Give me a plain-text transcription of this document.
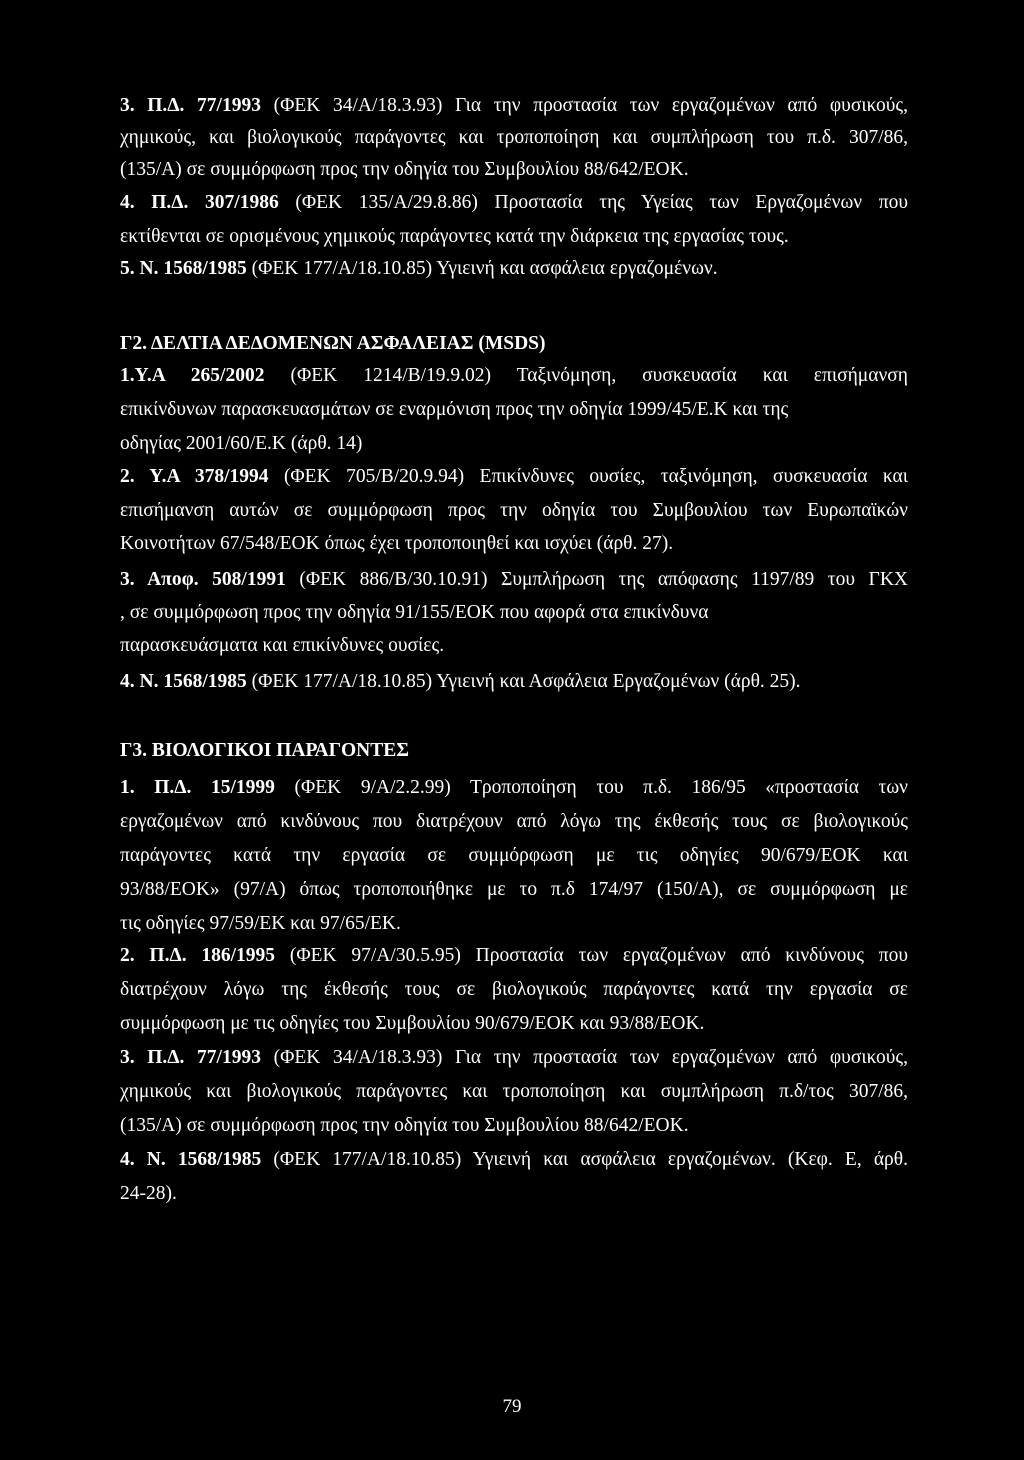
3. Π.Δ. 77/1993 (ΦΕΚ 34/Α/18.3.93) Για την προστασία των εργαζομένων από φυσικούς,
χημικούς, και βιολογικούς παράγοντες και τροποποίηση και συμπλήρωση του π.δ. 307/86,
(135/Α) σε συμμόρφωση προς την οδηγία του Συμβουλίου 88/642/ΕΟΚ.
4. Π.Δ. 307/1986 (ΦΕΚ 135/Α/29.8.86) Προστασία της Υγείας των Εργαζομένων που
εκτίθενται σε ορισμένους χημικούς παράγοντες κατά την διάρκεια της εργασίας τους.
5. Ν. 1568/1985 (ΦΕΚ 177/Α/18.10.85) Υγιεινή και ασφάλεια εργαζομένων.
Γ2. ΔΕΛΤΙΑ ΔΕΔΟΜΕΝΩΝ ΑΣΦΑΛΕΙΑΣ (MSDS)
1.Υ.Α 265/2002 (ΦΕΚ 1214/Β/19.9.02) Ταξινόμηση, συσκευασία και επισήμανση
επικίνδυνων παρασκευασμάτων σε εναρμόνιση προς την οδηγία 1999/45/Ε.Κ και της
οδηγίας 2001/60/Ε.Κ (άρθ. 14)
2. Υ.Α 378/1994 (ΦΕΚ 705/Β/20.9.94) Επικίνδυνες ουσίες, ταξινόμηση, συσκευασία και
επισήμανση αυτών σε συμμόρφωση προς την οδηγία του Συμβουλίου των Ευρωπαϊκών
Κοινοτήτων 67/548/ΕΟΚ όπως έχει τροποποιηθεί και ισχύει (άρθ. 27).
3. Αποφ. 508/1991 (ΦΕΚ 886/Β/30.10.91) Συμπλήρωση της απόφασης 1197/89 του ΓΚΧ
, σε συμμόρφωση προς την οδηγία 91/155/ΕΟΚ που αφορά στα επικίνδυνα
παρασκευάσματα και επικίνδυνες ουσίες.
4. Ν. 1568/1985 (ΦΕΚ 177/Α/18.10.85) Υγιεινή και Ασφάλεια Εργαζομένων (άρθ. 25).
Γ3. ΒΙΟΛΟΓΙΚΟΙ ΠΑΡΑΓΟΝΤΕΣ
1. Π.Δ. 15/1999 (ΦΕΚ 9/Α/2.2.99) Τροποποίηση του π.δ. 186/95 «προστασία των
εργαζομένων από κινδύνους που διατρέχουν από λόγω της έκθεσής τους σε βιολογικούς
παράγοντες κατά την εργασία σε συμμόρφωση με τις οδηγίες 90/679/ΕΟΚ και
93/88/ΕΟΚ» (97/Α) όπως τροποποιήθηκε με το π.δ 174/97 (150/Α), σε συμμόρφωση με
τις οδηγίες 97/59/ΕΚ και 97/65/ΕΚ.
2. Π.Δ. 186/1995 (ΦΕΚ 97/Α/30.5.95) Προστασία των εργαζομένων από κινδύνους που
διατρέχουν λόγω της έκθεσής τους σε βιολογικούς παράγοντες κατά την εργασία σε
συμμόρφωση με τις οδηγίες του Συμβουλίου 90/679/ΕΟΚ και 93/88/ΕΟΚ.
3. Π.Δ. 77/1993 (ΦΕΚ 34/Α/18.3.93) Για την προστασία των εργαζομένων από φυσικούς,
χημικούς και βιολογικούς παράγοντες και τροποποίηση και συμπλήρωση π.δ/τος 307/86,
(135/Α) σε συμμόρφωση προς την οδηγία του Συμβουλίου 88/642/ΕΟΚ.
4. Ν. 1568/1985 (ΦΕΚ 177/Α/18.10.85) Υγιεινή και ασφάλεια εργαζομένων. (Κεφ. Ε, άρθ.
24-28).
79
